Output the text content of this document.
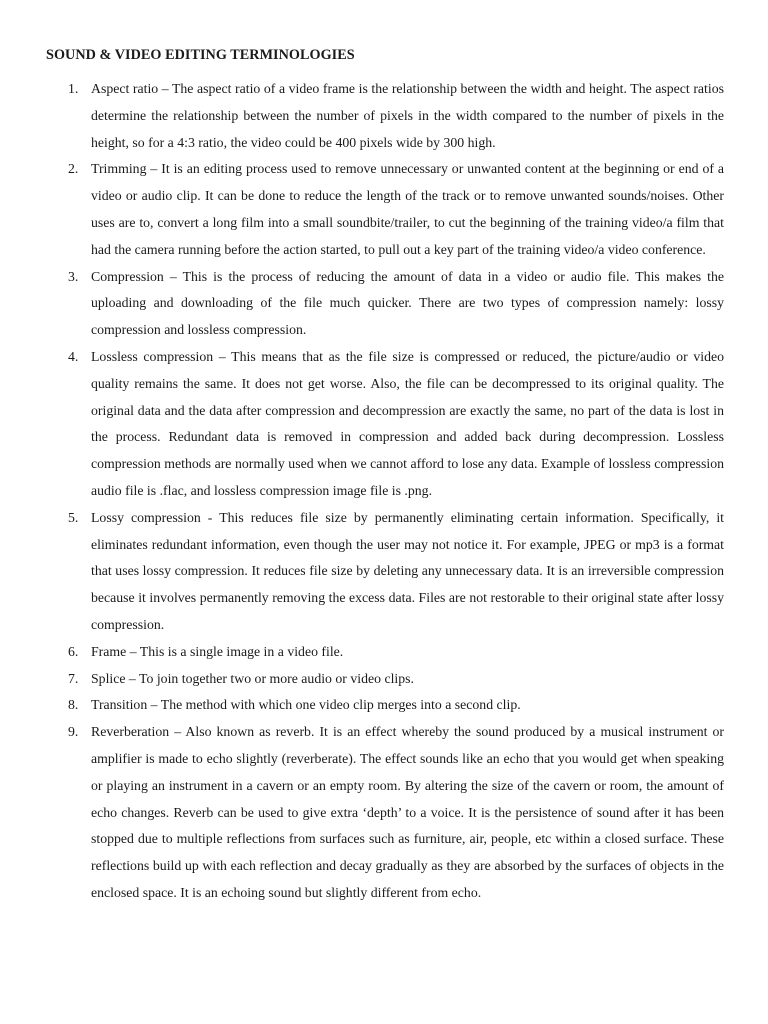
SOUND & VIDEO EDITING TERMINOLOGIES
1. Aspect ratio – The aspect ratio of a video frame is the relationship between the width and height. The aspect ratios determine the relationship between the number of pixels in the width compared to the number of pixels in the height, so for a 4:3 ratio, the video could be 400 pixels wide by 300 high.
2. Trimming – It is an editing process used to remove unnecessary or unwanted content at the beginning or end of a video or audio clip. It can be done to reduce the length of the track or to remove unwanted sounds/noises. Other uses are to, convert a long film into a small soundbite/trailer, to cut the beginning of the training video/a film that had the camera running before the action started, to pull out a key part of the training video/a video conference.
3. Compression – This is the process of reducing the amount of data in a video or audio file. This makes the uploading and downloading of the file much quicker. There are two types of compression namely: lossy compression and lossless compression.
4. Lossless compression – This means that as the file size is compressed or reduced, the picture/audio or video quality remains the same. It does not get worse. Also, the file can be decompressed to its original quality. The original data and the data after compression and decompression are exactly the same, no part of the data is lost in the process. Redundant data is removed in compression and added back during decompression. Lossless compression methods are normally used when we cannot afford to lose any data. Example of lossless compression audio file is .flac, and lossless compression image file is .png.
5. Lossy compression - This reduces file size by permanently eliminating certain information. Specifically, it eliminates redundant information, even though the user may not notice it. For example, JPEG or mp3 is a format that uses lossy compression. It reduces file size by deleting any unnecessary data. It is an irreversible compression because it involves permanently removing the excess data. Files are not restorable to their original state after lossy compression.
6. Frame – This is a single image in a video file.
7. Splice – To join together two or more audio or video clips.
8. Transition – The method with which one video clip merges into a second clip.
9. Reverberation – Also known as reverb. It is an effect whereby the sound produced by a musical instrument or amplifier is made to echo slightly (reverberate). The effect sounds like an echo that you would get when speaking or playing an instrument in a cavern or an empty room. By altering the size of the cavern or room, the amount of echo changes. Reverb can be used to give extra ‘depth’ to a voice. It is the persistence of sound after it has been stopped due to multiple reflections from surfaces such as furniture, air, people, etc within a closed surface. These reflections build up with each reflection and decay gradually as they are absorbed by the surfaces of objects in the enclosed space. It is an echoing sound but slightly different from echo.
